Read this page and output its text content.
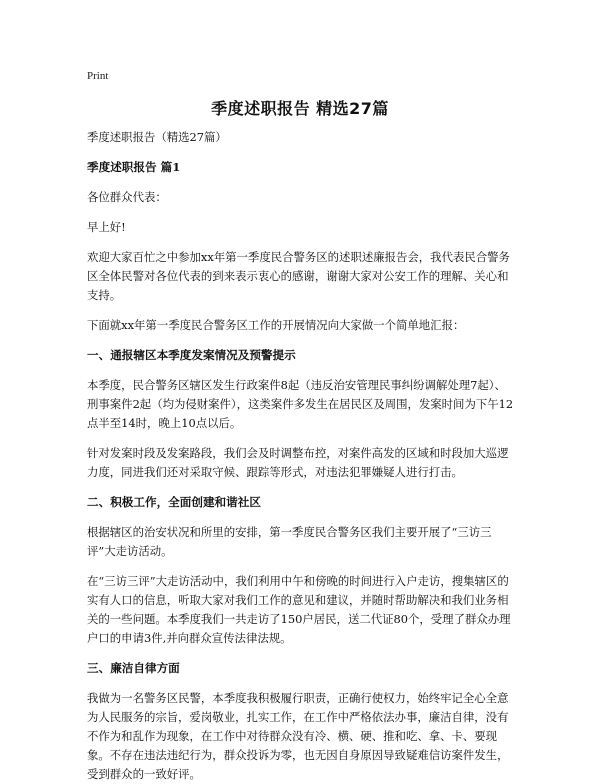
Print
季度述职报告 精选27篇

季度述职报告（精选27篇）

季度述职报告 篇1

各位群众代表：

早上好!

欢迎大家百忙之中参加xx年第一季度民合警务区的述职述廉报告会，我代表民合警务区全体民警对各位代表的到来表示衷心的感谢，谢谢大家对公安工作的理解、关心和支持。

下面就xx年第一季度民合警务区工作的开展情况向大家做一个简单地汇报：

一、通报辖区本季度发案情况及预警提示

本季度，民合警务区辖区发生行政案件8起（违反治安管理民事纠纷调解处理7起）、刑事案件2起（均为侵财案件），这类案件多发生在居民区及周围，发案时间为下午12点半至14时，晚上10点以后。

针对发案时段及发案路段，我们会及时调整布控，对案件高发的区域和时段加大巡逻力度，同进我们还对采取守候、跟踪等形式，对违法犯罪嫌疑人进行打击。

二、积极工作，全面创建和谐社区

根据辖区的治安状况和所里的安排，第一季度民合警务区我们主要开展了“三访三评”大走访活动。

在“三访三评”大走访活动中，我们利用中午和傍晚的时间进行入户走访，搜集辖区的实有人口的信息，听取大家对我们工作的意见和建议，并随时帮助解决和我们业务相关的一些问题。本季度我们一共走访了150户居民，送二代证80个，受理了群众办理户口的申请3件,并向群众宣传法律法规。

三、廉洁自律方面

我做为一名警务区民警，本季度我积极履行职责，正确行使权力，始终牢记全心全意为人民服务的宗旨，爱岗敬业，扎实工作，在工作中严格依法办事，廉洁自律，没有不作为和乱作为现象，在工作中对待群众没有冷、横、硬、推和吃、拿、卡、要现象。不存在违法违纪行为，群众投诉为零，也无因自身原因导致疑难信访案件发生，受到群众的一致好评。
